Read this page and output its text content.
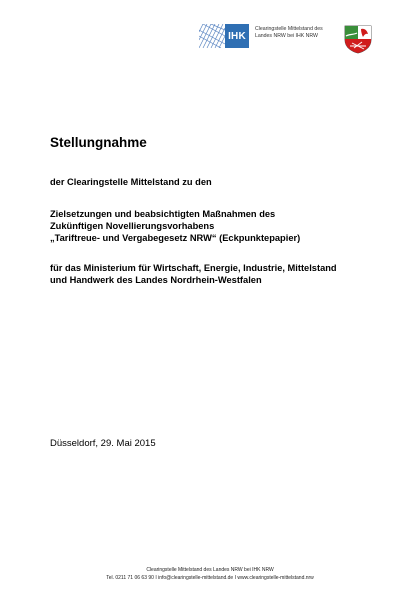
IHK
Clearingstelle Mittelstand des
Landes NRW bei IHK NRW
Stellungnahme

der Clearingstelle Mittelstand zu den

Zielsetzungen und beabsichtigten Maßnahmen des
Zukünftigen Novellierungsvorhabens
„Tariftreue- und Vergabegesetz NRW“ (Eckpunktepapier)

für das Ministerium für Wirtschaft, Energie, Industrie, Mittelstand
und Handwerk des Landes Nordrhein-Westfalen

Düsseldorf, 29. Mai 2015

Clearingstelle Mittelstand des Landes NRW bei IHK NRW
Tel. 0211 71 06 63 90 I info@clearingstelle-mittelstand.de I www.clearingstelle-mittelstand.nrw
